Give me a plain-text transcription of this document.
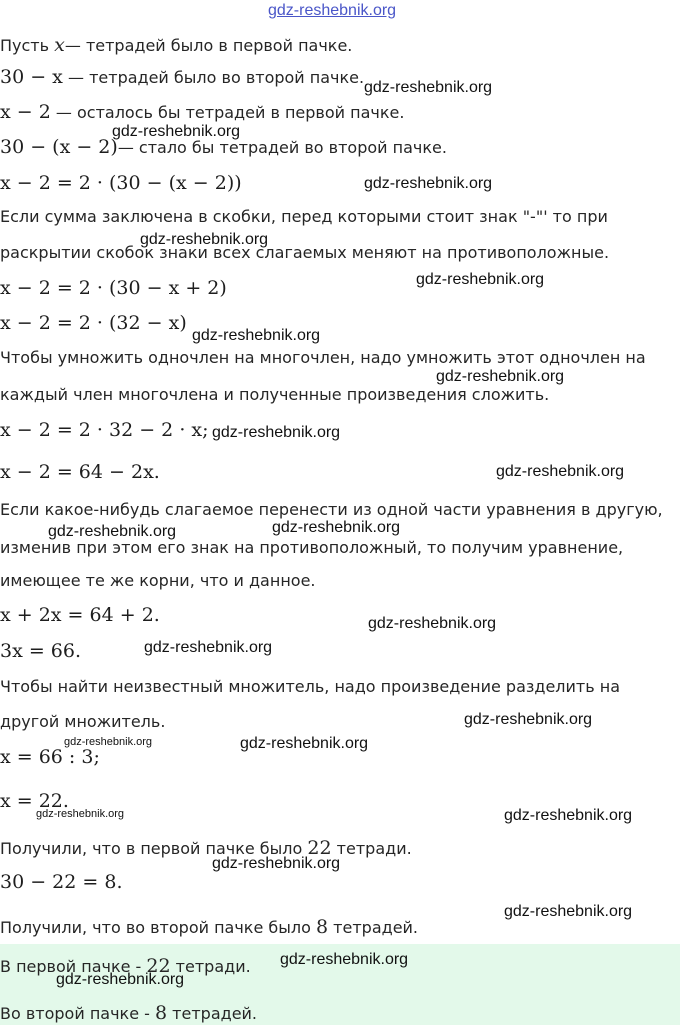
Пусть x— тетрадей было в первой пачке.
30 − x — тетрадей было во второй пачке.
x − 2 — осталось бы тетрадей в первой пачке.
30 − (x − 2)— стало бы тетрадей во второй пачке.
x − 2 = 2 · (30 − (x − 2))
Если сумма заключена в скобки, перед которыми стоит знак "-"' то при
раскрытии скобок знаки всех слагаемых меняют на противоположные.
x − 2 = 2 · (30 − x + 2)
x − 2 = 2 · (32 − x)
Чтобы умножить одночлен на многочлен, надо умножить этот одночлен на
каждый член многочлена и полученные произведения сложить.
x − 2 = 2 · 32 − 2 · x;
x − 2 = 64 − 2x.
Если какое-нибудь слагаемое перенести из одной части уравнения в другую,
изменив при этом его знак на противоположный, то получим уравнение,
имеющее те же корни, что и данное.
x + 2x = 64 + 2.
3x = 66.
Чтобы найти неизвестный множитель, надо произведение разделить на
другой множитель.
x = 66 : 3;
x = 22.
Получили, что в первой пачке было 22 тетради.
30 − 22 = 8.
Получили, что во второй пачке было 8 тетрадей.
В первой пачке - 22 тетради.
Во второй пачке - 8 тетрадей.
gdz-reshebnik.org
gdz-reshebnik.org
gdz-reshebnik.org
gdz-reshebnik.org
gdz-reshebnik.org
gdz-reshebnik.org
gdz-reshebnik.org
gdz-reshebnik.org
gdz-reshebnik.org
gdz-reshebnik.org
gdz-reshebnik.org	gdz-reshebnik.org
gdz-reshebnik.org
gdz-reshebnik.org
gdz-reshebnik.org
gdz-reshebnik.org	gdz-reshebnik.org
gdz-reshebnik.org	gdz-reshebnik.org
gdz-reshebnik.org
gdz-reshebnik.org
gdz-reshebnik.org
gdz-reshebnik.org
